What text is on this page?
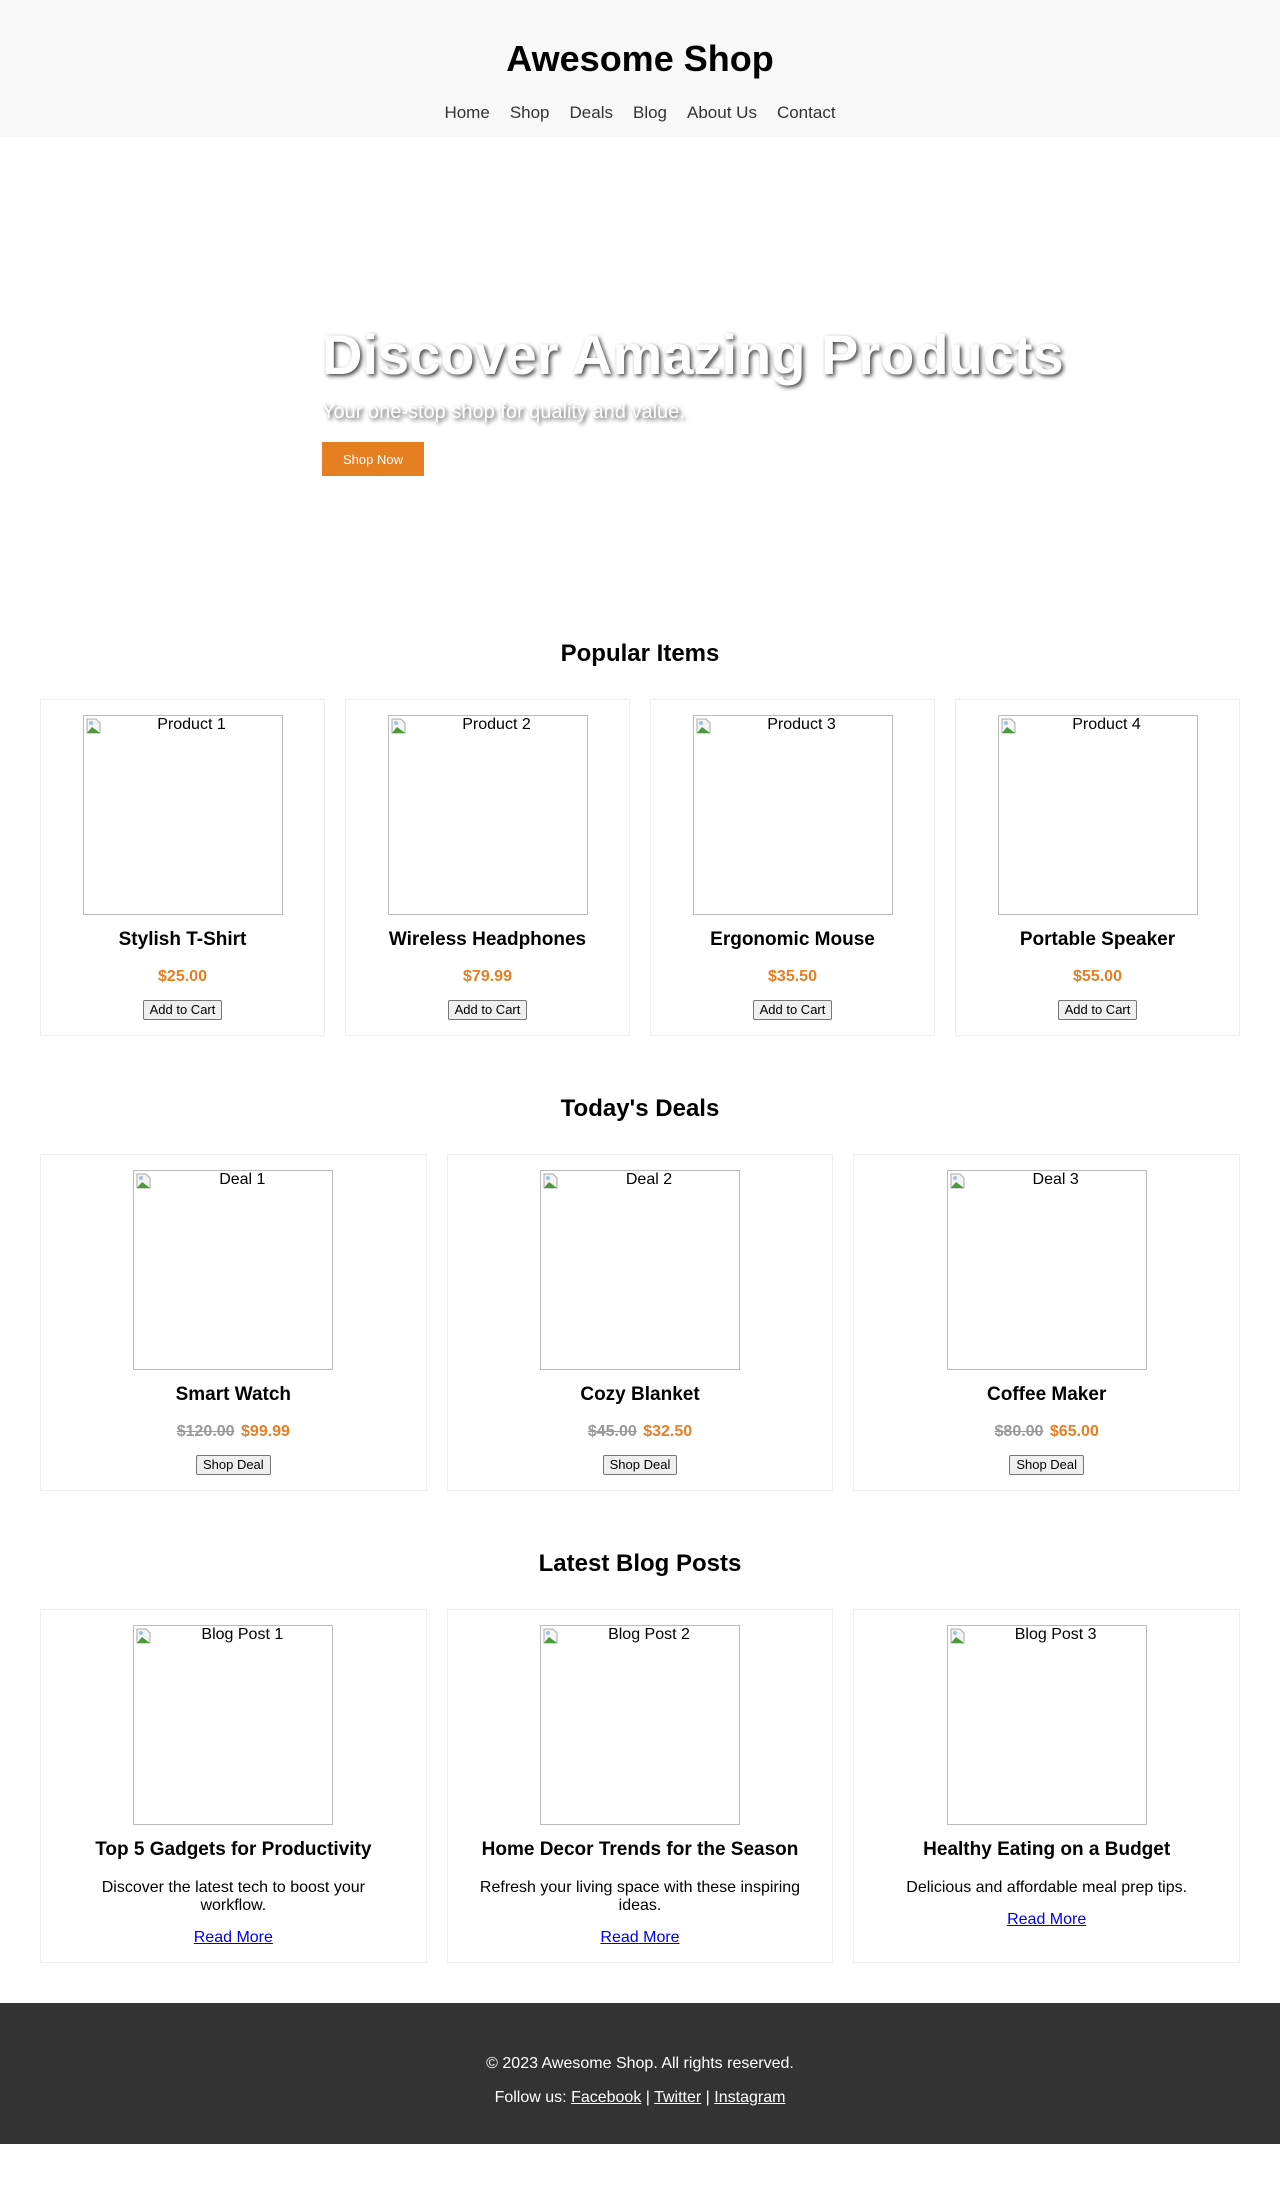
Awesome Shop
Home Shop Deals Blog About Us Contact
Discover Amazing Products

Your one-stop shop for quality and value.

Shop Now
Popular Items
Product 1
Stylish T-Shirt

$25.00

Add to Cart
Product 2
Wireless Headphones

$79.99

Add to Cart
Product 3
Ergonomic Mouse

$35.50

Add to Cart
Product 4
Portable Speaker

$55.00

Add to Cart
Today's Deals
Deal 1
Smart Watch

$120.00 $99.99

Shop Deal
Deal 2
Cozy Blanket

$45.00 $32.50

Shop Deal
Deal 3
Coffee Maker

$80.00 $65.00

Shop Deal
Latest Blog Posts
Blog Post 1
Top 5 Gadgets for Productivity

Discover the latest tech to boost your workflow.

Read More
Blog Post 2
Home Decor Trends for the Season

Refresh your living space with these inspiring ideas.

Read More
Blog Post 3
Healthy Eating on a Budget

Delicious and affordable meal prep tips.

Read More

© 2023 Awesome Shop. All rights reserved.

Follow us: Facebook | Twitter | Instagram
